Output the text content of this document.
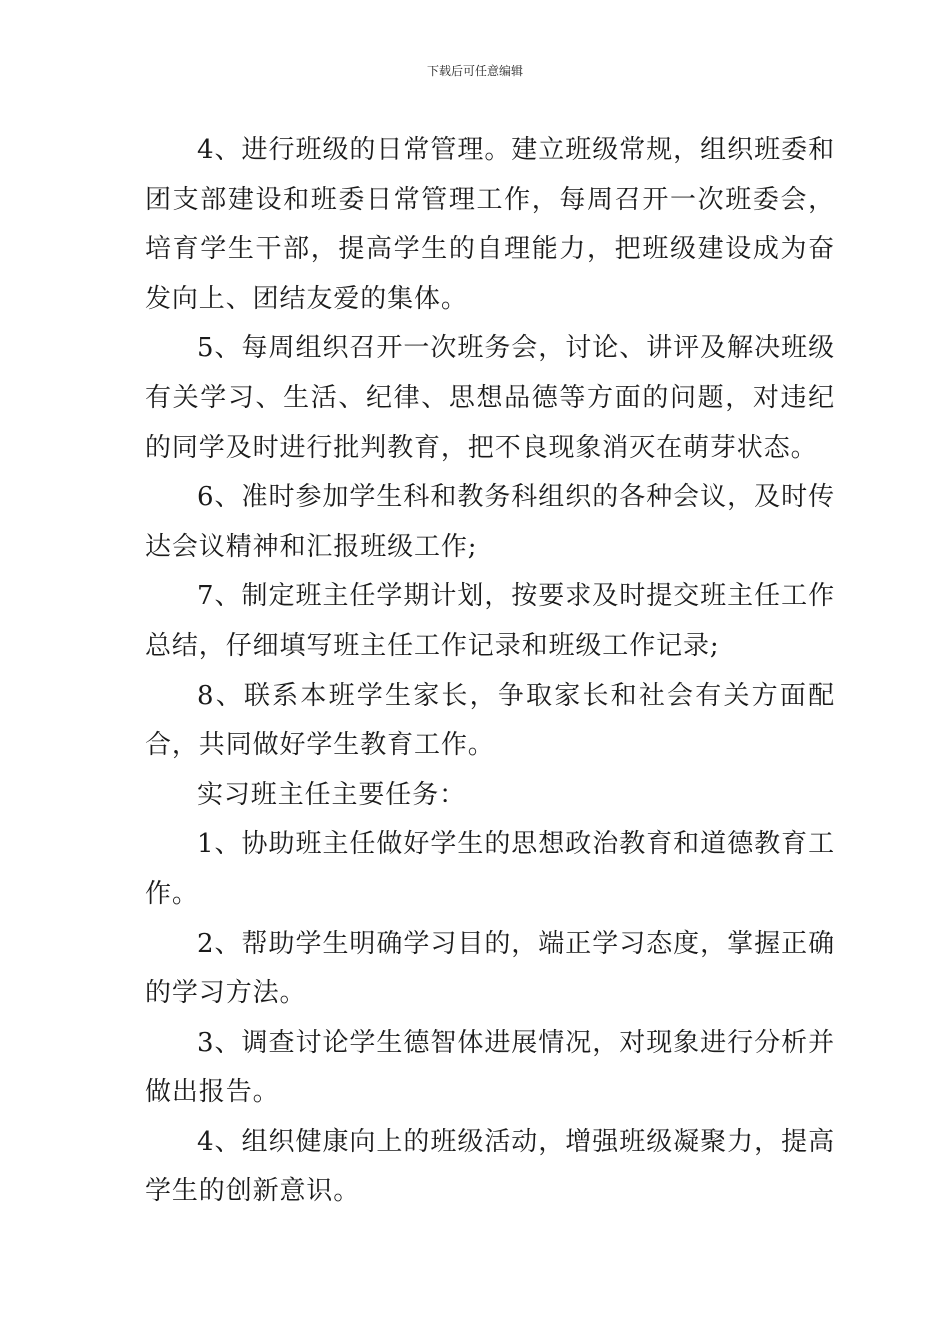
下载后可任意编辑

4、进行班级的日常管理。建立班级常规，组织班委和团支部建设和班委日常管理工作，每周召开一次班委会，培育学生干部，提高学生的自理能力，把班级建设成为奋发向上、团结友爱的集体。

5、每周组织召开一次班务会，讨论、讲评及解决班级有关学习、生活、纪律、思想品德等方面的问题，对违纪的同学及时进行批判教育，把不良现象消灭在萌芽状态。

6、准时参加学生科和教务科组织的各种会议，及时传达会议精神和汇报班级工作;

7、制定班主任学期计划，按要求及时提交班主任工作总结，仔细填写班主任工作记录和班级工作记录;

8、联系本班学生家长，争取家长和社会有关方面配合，共同做好学生教育工作。

实习班主任主要任务：

1、协助班主任做好学生的思想政治教育和道德教育工作。

2、帮助学生明确学习目的，端正学习态度，掌握正确的学习方法。

3、调查讨论学生德智体进展情况，对现象进行分析并做出报告。

4、组织健康向上的班级活动，增强班级凝聚力，提高学生的创新意识。
